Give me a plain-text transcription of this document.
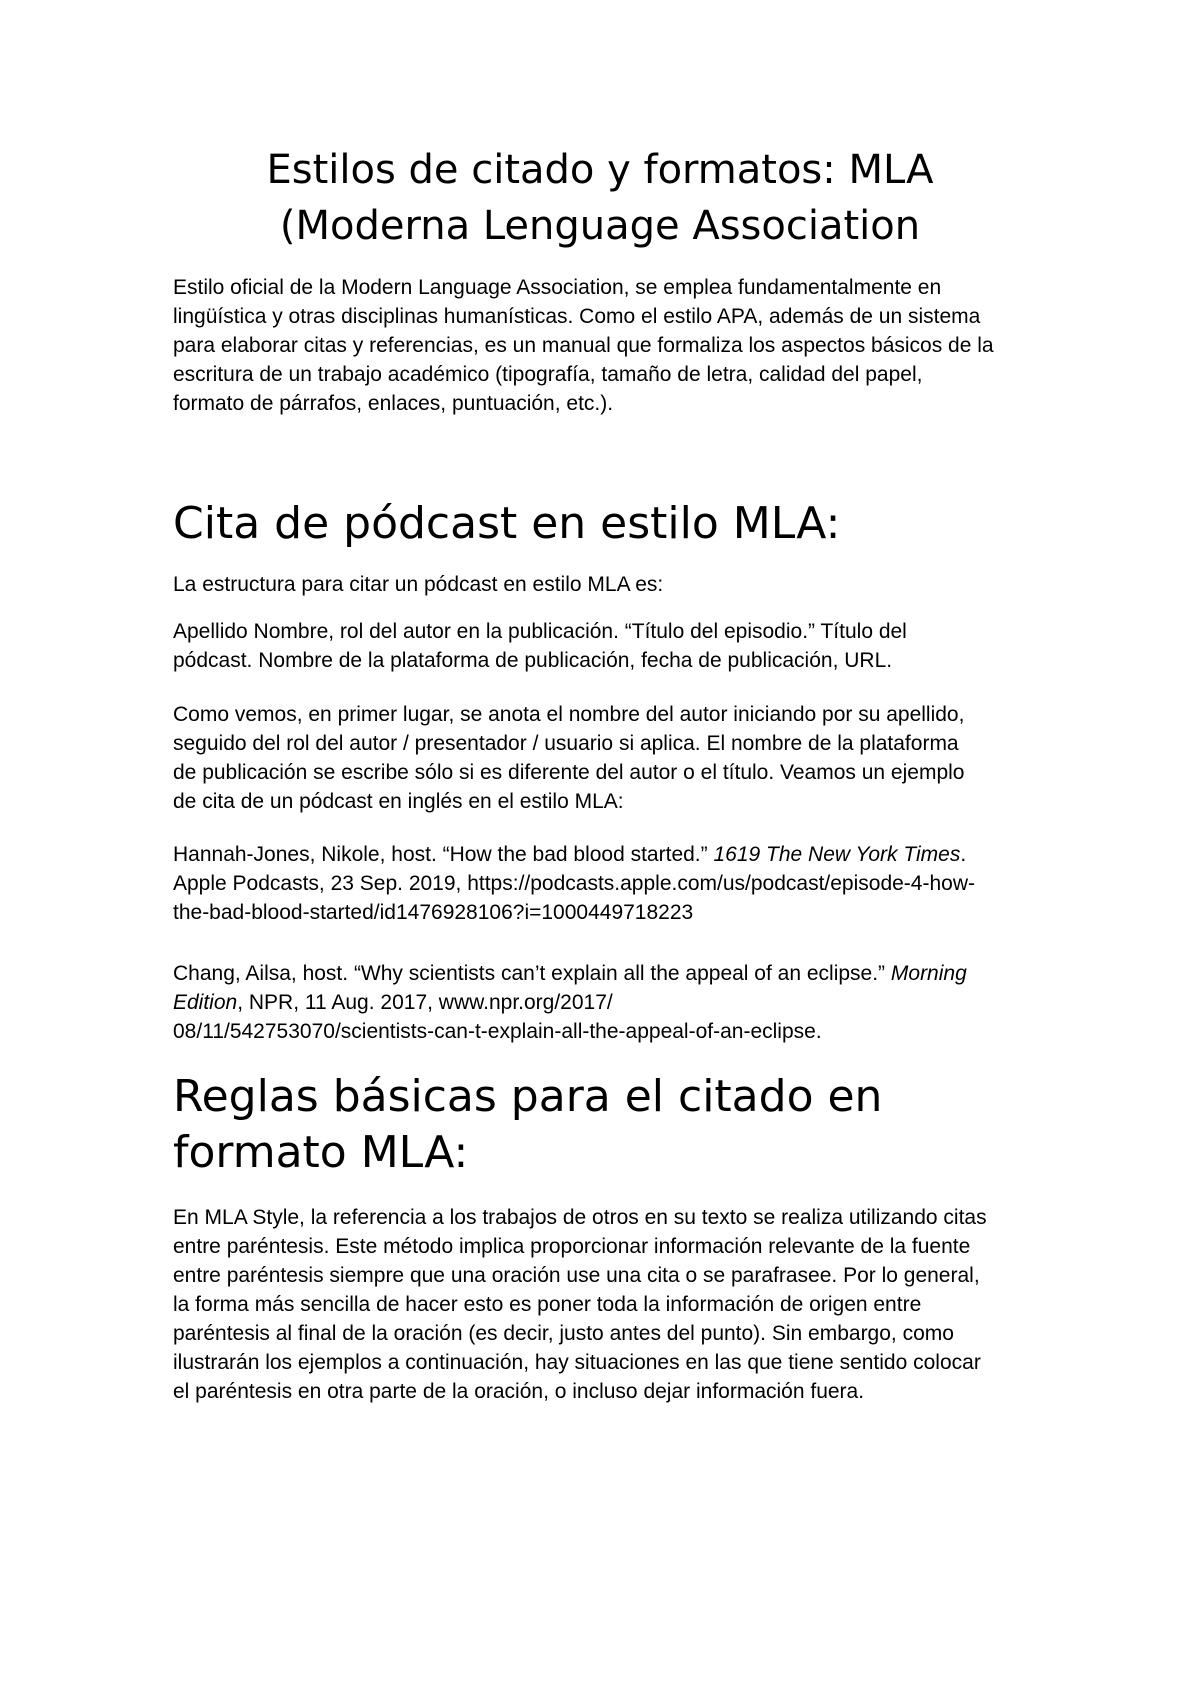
Estilos de citado y formatos: MLA
(Moderna Lenguage Association

Estilo oficial de la Modern Language Association, se emplea fundamentalmente en
lingüística y otras disciplinas humanísticas. Como el estilo APA, además de un sistema
para elaborar citas y referencias, es un manual que formaliza los aspectos básicos de la
escritura de un trabajo académico (tipografía, tamaño de letra, calidad del papel,
formato de párrafos, enlaces, puntuación, etc.).

Cita de pódcast en estilo MLA:

La estructura para citar un pódcast en estilo MLA es:

Apellido Nombre, rol del autor en la publicación. “Título del episodio.” Título del
pódcast. Nombre de la plataforma de publicación, fecha de publicación, URL.

Como vemos, en primer lugar, se anota el nombre del autor iniciando por su apellido,
seguido del rol del autor / presentador / usuario si aplica. El nombre de la plataforma
de publicación se escribe sólo si es diferente del autor o el título. Veamos un ejemplo
de cita de un pódcast en inglés en el estilo MLA:

Hannah-Jones, Nikole, host. “How the bad blood started.” 1619 The New York Times.
Apple Podcasts, 23 Sep. 2019, https://podcasts.apple.com/us/podcast/episode-4-how-
the-bad-blood-started/id1476928106?i=1000449718223

Chang, Ailsa, host. “Why scientists can’t explain all the appeal of an eclipse.” Morning
Edition, NPR, 11 Aug. 2017, www.npr.org/2017/
08/11/542753070/scientists-can-t-explain-all-the-appeal-of-an-eclipse.

Reglas básicas para el citado en
formato MLA:

En MLA Style, la referencia a los trabajos de otros en su texto se realiza utilizando citas
entre paréntesis. Este método implica proporcionar información relevante de la fuente
entre paréntesis siempre que una oración use una cita o se parafrasee. Por lo general,
la forma más sencilla de hacer esto es poner toda la información de origen entre
paréntesis al final de la oración (es decir, justo antes del punto). Sin embargo, como
ilustrarán los ejemplos a continuación, hay situaciones en las que tiene sentido colocar
el paréntesis en otra parte de la oración, o incluso dejar información fuera.
